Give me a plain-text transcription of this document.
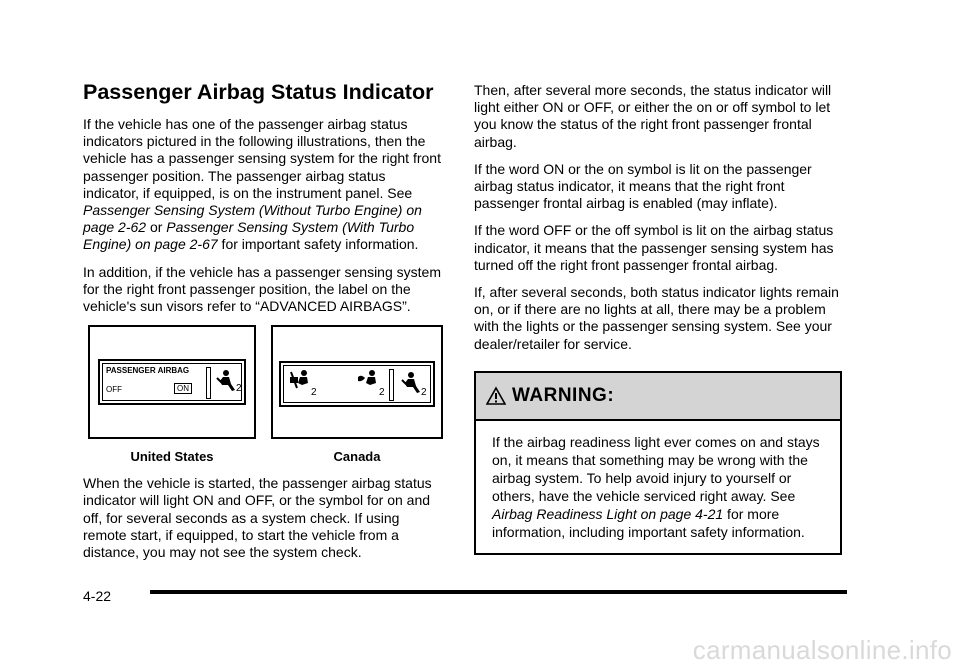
Passenger Airbag Status Indicator

If the vehicle has one of the passenger airbag status indicators pictured in the following illustrations, then the vehicle has a passenger sensing system for the right front passenger position. The passenger airbag status indicator, if equipped, is on the instrument panel. See Passenger Sensing System (Without Turbo Engine) on page 2-62 or Passenger Sensing System (With Turbo Engine) on page 2-67 for important safety information.

In addition, if the vehicle has a passenger sensing system for the right front passenger position, the label on the vehicle's sun visors refer to “ADVANCED AIRBAGS”.

PASSENGER AIRBAG
OFF	ON	2	2	2	2
United States	Canada

When the vehicle is started, the passenger airbag status indicator will light ON and OFF, or the symbol for on and off, for several seconds as a system check. If using remote start, if equipped, to start the vehicle from a distance, you may not see the system check.

Then, after several more seconds, the status indicator will light either ON or OFF, or either the on or off symbol to let you know the status of the right front passenger frontal airbag.

If the word ON or the on symbol is lit on the passenger airbag status indicator, it means that the right front passenger frontal airbag is enabled (may inflate).

If the word OFF or the off symbol is lit on the airbag status indicator, it means that the passenger sensing system has turned off the right front passenger frontal airbag.

If, after several seconds, both status indicator lights remain on, or if there are no lights at all, there may be a problem with the lights or the passenger sensing system. See your dealer/retailer for service.

WARNING:

If the airbag readiness light ever comes on and stays on, it means that something may be wrong with the airbag system. To help avoid injury to yourself or others, have the vehicle serviced right away. See Airbag Readiness Light on page 4-21 for more information, including important safety information.

4-22
carmanualsonline.info
